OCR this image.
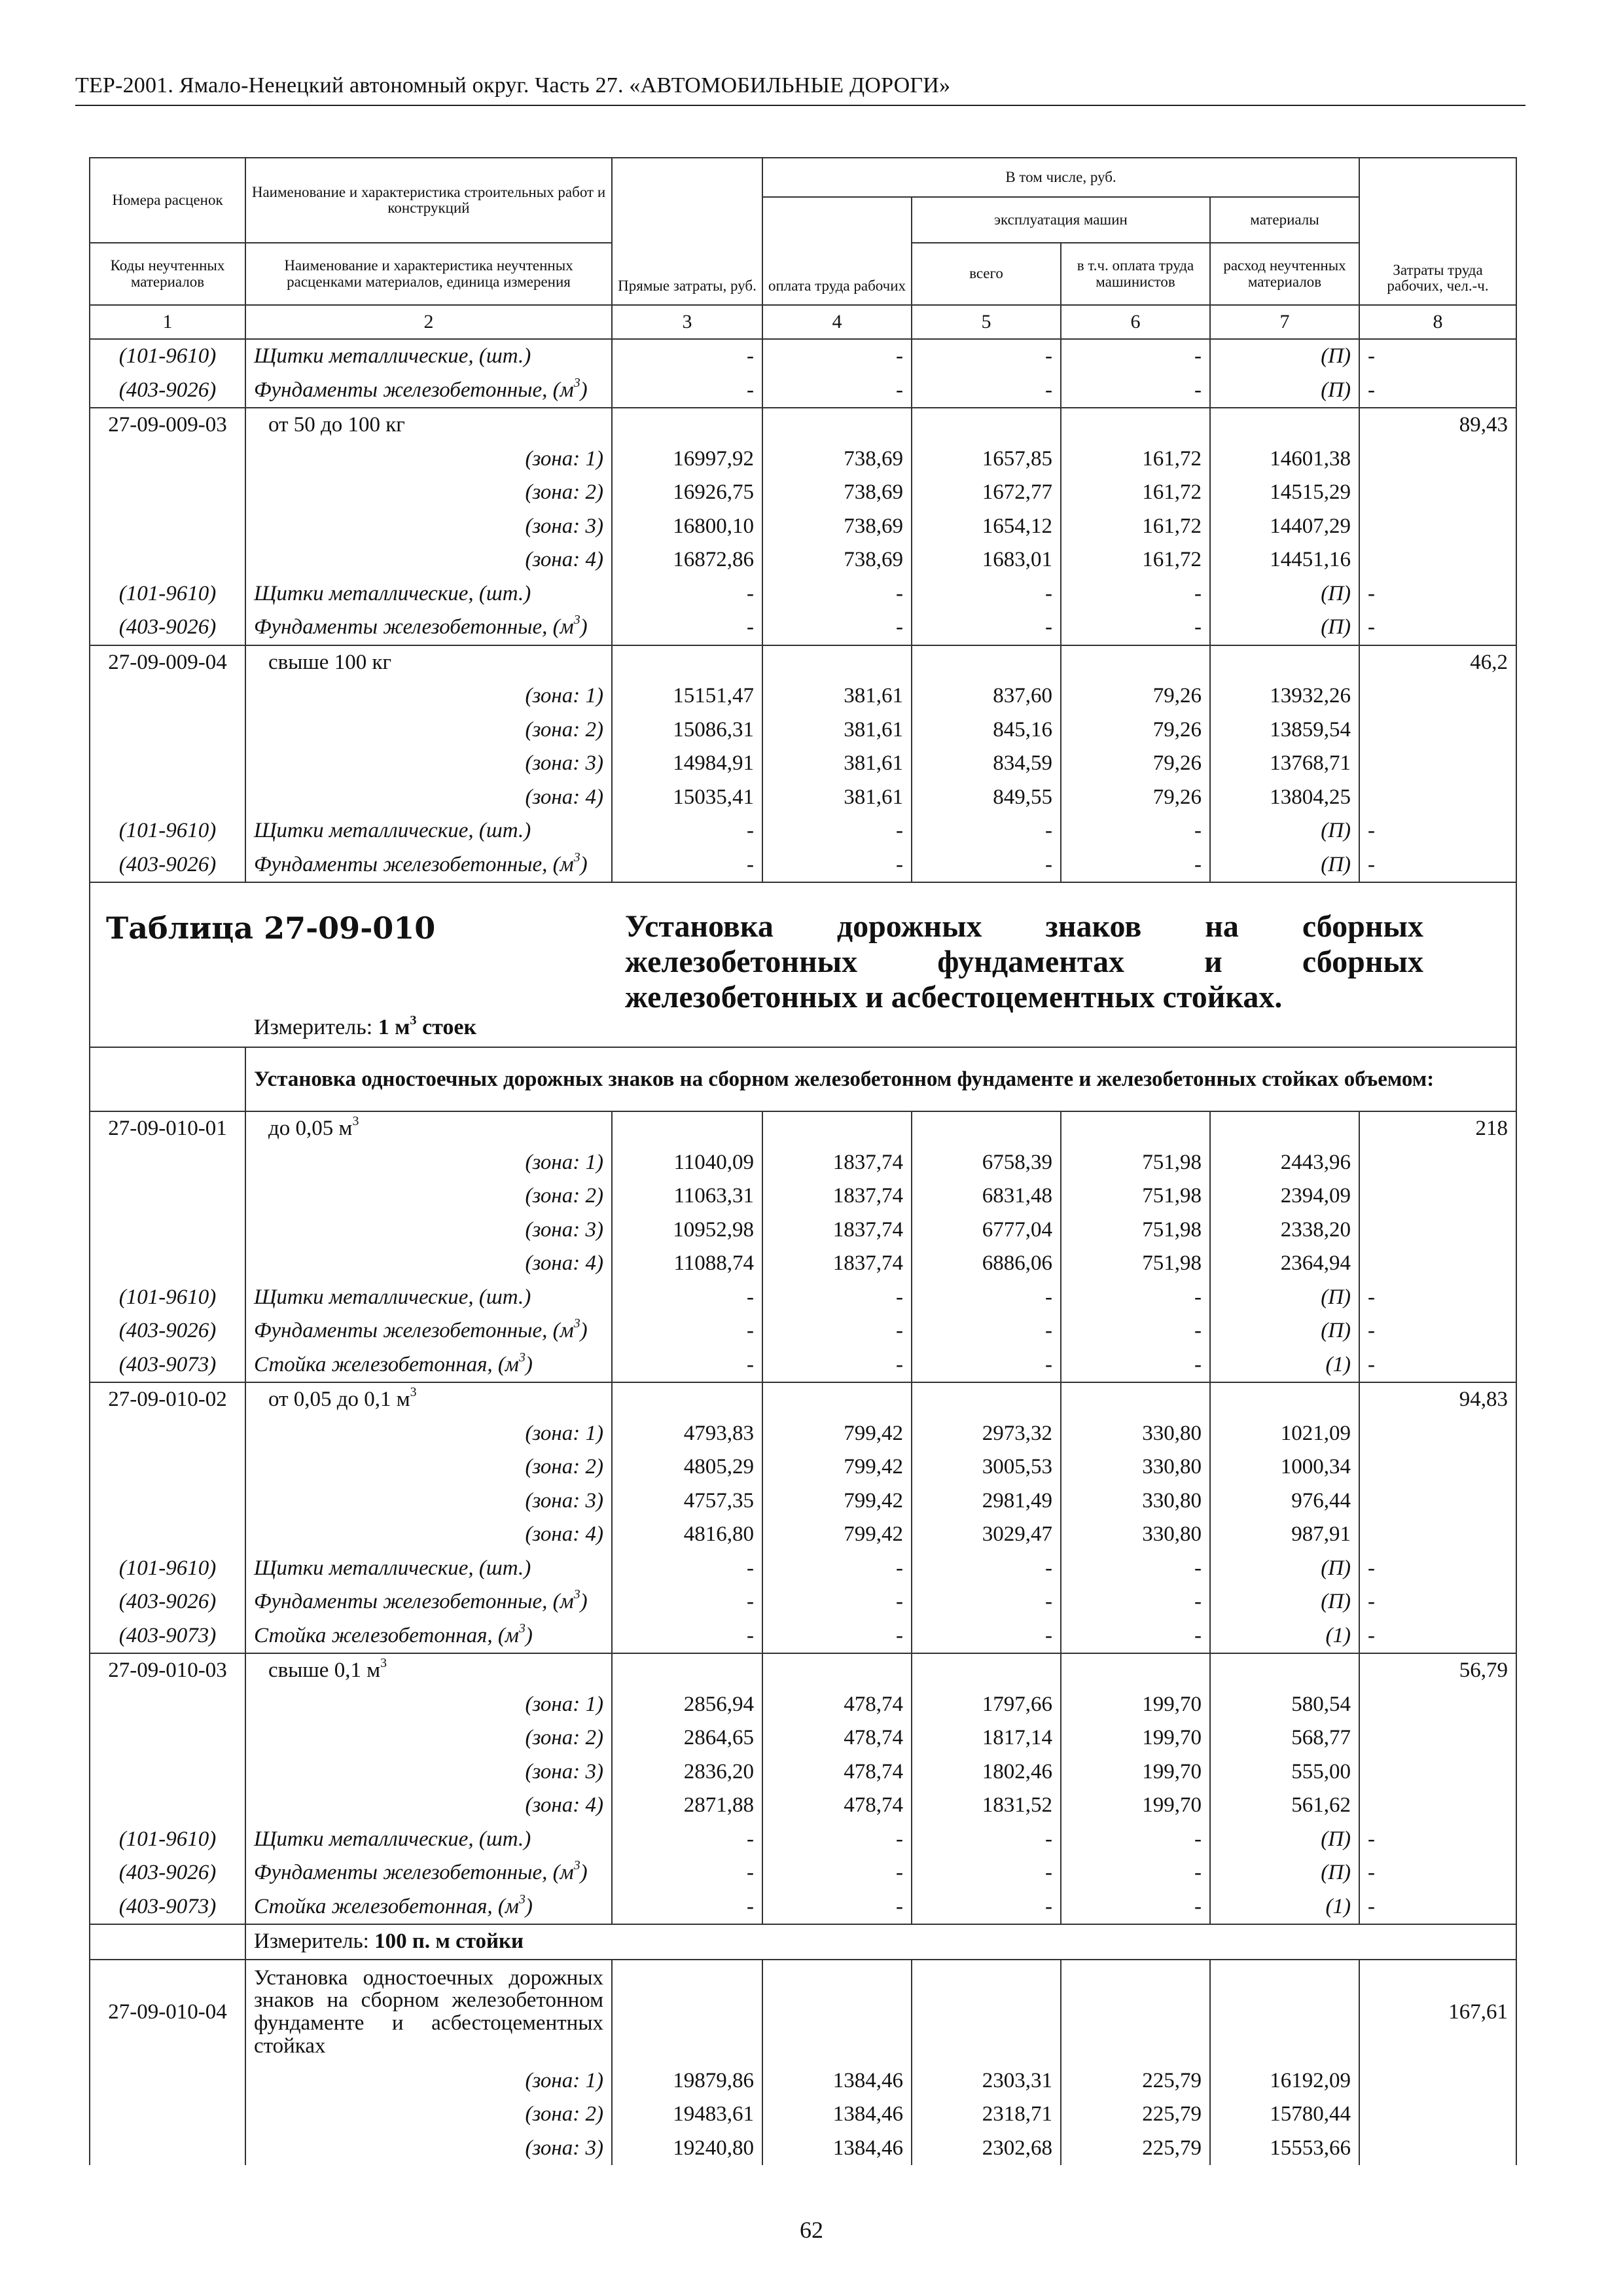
ТЕР-2001. Ямало-Ненецкий автономный округ. Часть 27. «АВТОМОБИЛЬНЫЕ ДОРОГИ»
Номера расценок	Наименование и характеристика строительных работ и конструкций	Прямые затраты, руб.	В том числе, руб.				Затраты труда рабочих, чел.-ч.
			оплата труда рабочих	эксплуатация машин		материалы	
Коды неучтенных материалов	Наименование и характеристика неучтенных расценками материалов, единица измерения			всего	в т.ч. оплата труда машинистов	расход неучтенных материалов	
1	2	3	4	5	6	7	8
(101-9610)	Щитки металлические, (шт.)	-	-	-	-	(П)	-
(403-9026)	Фундаменты железобетонные, $(м^3)$	-	-	-	-	(П)	-
27-09-009-03	от 50 до 100 кг						89,43
	(зона: 1)	16997,92	738,69	1657,85	161,72	14601,38	
	(зона: 2)	16926,75	738,69	1672,77	161,72	14515,29	
	(зона: 3)	16800,10	738,69	1654,12	161,72	14407,29	
	(зона: 4)	16872,86	738,69	1683,01	161,72	14451,16	
(101-9610)	Щитки металлические, (шт.)	-	-	-	-	(П)	-
(403-9026)	Фундаменты железобетонные, $(м^3)$	-	-	-	-	(П)	-
27-09-009-04	свыше 100 кг						46,2
	(зона: 1)	15151,47	381,61	837,60	79,26	13932,26	
	(зона: 2)	15086,31	381,61	845,16	79,26	13859,54	
	(зона: 3)	14984,91	381,61	834,59	79,26	13768,71	
	(зона: 4)	15035,41	381,61	849,55	79,26	13804,25	
(101-9610)	Щитки металлические, (шт.)	-	-	-	-	(П)	-
(403-9026)	Фундаменты железобетонные, $(м^3)$	-	-	-	-	(П)	-

Таблица 27-09-010 Установка дорожных знаков на сборных железобетонных фундаментах и сборных железобетонных и асбестоцементных стойках.
Измеритель: 1 $м^3$ стоек							

	Установка одностоечных дорожных знаков на сборном железобетонном фундаменте и железобетонных стойках объемом:						
27-09-010-01	до 0,05 $м^3$						218
	(зона: 1)	11040,09	1837,74	6758,39	751,98	2443,96	
	(зона: 2)	11063,31	1837,74	6831,48	751,98	2394,09	
	(зона: 3)	10952,98	1837,74	6777,04	751,98	2338,20	
	(зона: 4)	11088,74	1837,74	6886,06	751,98	2364,94	
(101-9610)	Щитки металлические, (шт.)	-	-	-	-	(П)	-
(403-9026)	Фундаменты железобетонные, $(м^3)$	-	-	-	-	(П)	-
(403-9073)	Стойка железобетонная, $(м^3)$	-	-	-	-	(1)	-
27-09-010-02	от 0,05 до 0,1 $м^3$						94,83
	(зона: 1)	4793,83	799,42	2973,32	330,80	1021,09	
	(зона: 2)	4805,29	799,42	3005,53	330,80	1000,34	
	(зона: 3)	4757,35	799,42	2981,49	330,80	976,44	
	(зона: 4)	4816,80	799,42	3029,47	330,80	987,91	
(101-9610)	Щитки металлические, (шт.)	-	-	-	-	(П)	-
(403-9026)	Фундаменты железобетонные, $(м^3)$	-	-	-	-	(П)	-
(403-9073)	Стойка железобетонная, $(м^3)$	-	-	-	-	(1)	-
27-09-010-03	свыше 0,1 $м^3$						56,79
	(зона: 1)	2856,94	478,74	1797,66	199,70	580,54	
	(зона: 2)	2864,65	478,74	1817,14	199,70	568,77	
	(зона: 3)	2836,20	478,74	1802,46	199,70	555,00	
	(зона: 4)	2871,88	478,74	1831,52	199,70	561,62	
(101-9610)	Щитки металлические, (шт.)	-	-	-	-	(П)	-
(403-9026)	Фундаменты железобетонные, $(м^3)$	-	-	-	-	(П)	-
(403-9073)	Стойка железобетонная, $(м^3)$	-	-	-	-	(1)	-
	Измеритель: 100 п. м стойки						
27-09-010-04	Установка одностоечных дорожных знаков на сборном железобетонном фундаменте и асбестоцементных стойках						167,61
	(зона: 1)	19879,86	1384,46	2303,31	225,79	16192,09	
	(зона: 2)	19483,61	1384,46	2318,71	225,79	15780,44	
	(зона: 3)	19240,80	1384,46	2302,68	225,79	15553,66	
62
